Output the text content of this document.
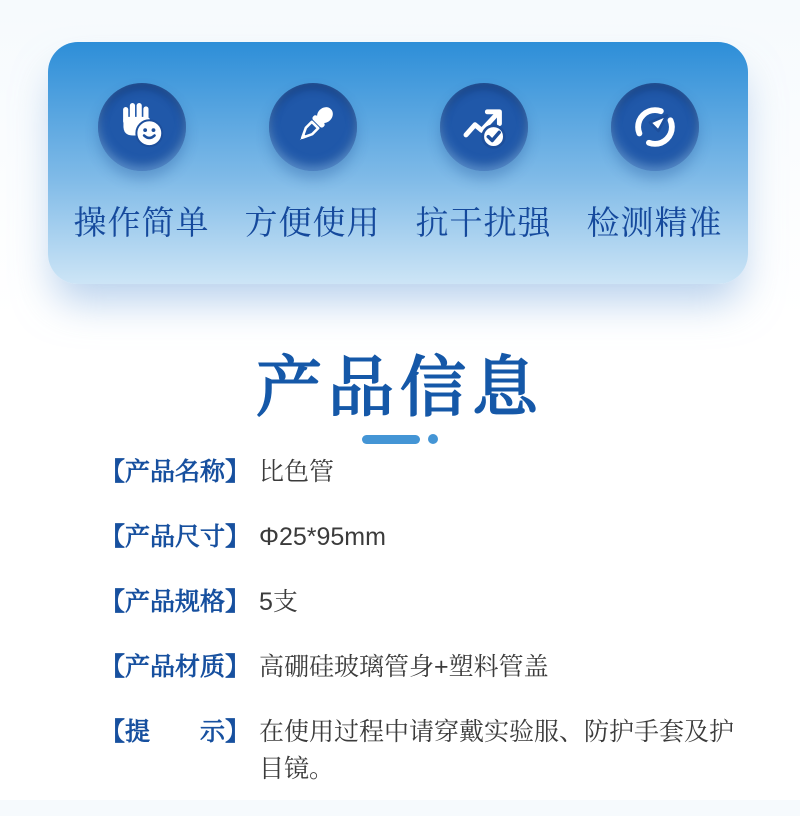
操作简单 方便使用 抗干扰强 检测精准
产品信息
【产品名称】 比色管
【产品尺寸】 Φ25*95mm
【产品规格】 5支
【产品材质】 高硼硅玻璃管身+塑料管盖
【提　　示】 在使用过程中请穿戴实验服、防护手套及护目镜。
